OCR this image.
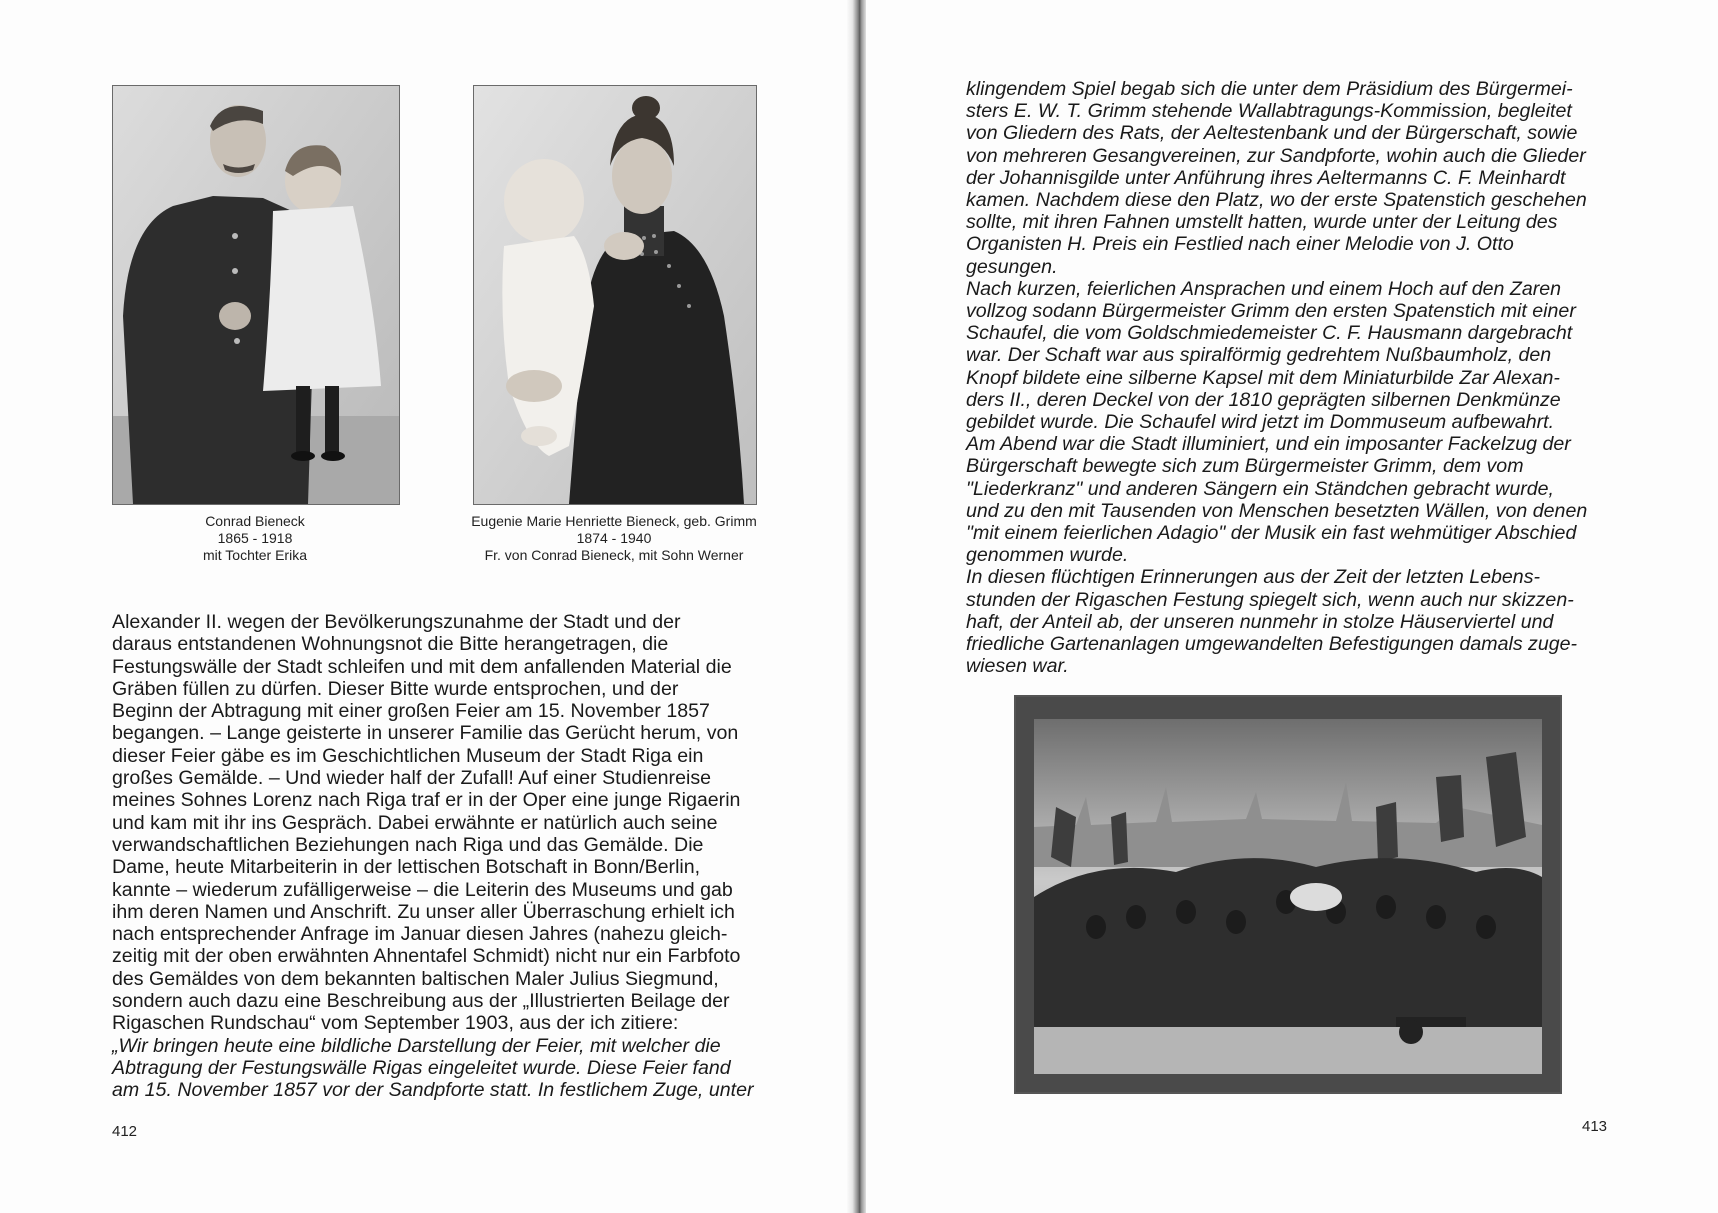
Conrad Bieneck
1865 - 1918
mit Tochter Erika
Eugenie Marie Henriette Bieneck, geb. Grimm
1874 - 1940
Fr. von Conrad Bieneck, mit Sohn Werner

Alexander II. wegen der Bevölkerungszunahme der Stadt und der

daraus entstandenen Wohnungsnot die Bitte herangetragen, die

Festungswälle der Stadt schleifen und mit dem anfallenden Material die

Gräben füllen zu dürfen. Dieser Bitte wurde entsprochen, und der

Beginn der Abtragung mit einer großen Feier am 15. November 1857

begangen. – Lange geisterte in unserer Familie das Gerücht herum, von

dieser Feier gäbe es im Geschichtlichen Museum der Stadt Riga ein

großes Gemälde. – Und wieder half der Zufall! Auf einer Studienreise

meines Sohnes Lorenz nach Riga traf er in der Oper eine junge Rigaerin

und kam mit ihr ins Gespräch. Dabei erwähnte er natürlich auch seine

verwandschaftlichen Beziehungen nach Riga und das Gemälde. Die

Dame, heute Mitarbeiterin in der lettischen Botschaft in Bonn/Berlin,

kannte – wiederum zufälligerweise – die Leiterin des Museums und gab

ihm deren Namen und Anschrift. Zu unser aller Überraschung erhielt ich

nach entsprechender Anfrage im Januar diesen Jahres (nahezu gleich-

zeitig mit der oben erwähnten Ahnentafel Schmidt) nicht nur ein Farbfoto

des Gemäldes von dem bekannten baltischen Maler Julius Siegmund,

sondern auch dazu eine Beschreibung aus der „Illustrierten Beilage der

Rigaschen Rundschau“ vom September 1903, aus der ich zitiere:

„Wir bringen heute eine bildliche Darstellung der Feier, mit welcher die

Abtragung der Festungswälle Rigas eingeleitet wurde. Diese Feier fand

am 15. November 1857 vor der Sandpforte statt. In festlichem Zuge, unter

412

klingendem Spiel begab sich die unter dem Präsidium des Bürgermei-

sters E. W. T. Grimm stehende Wallabtragungs-Kommission, begleitet

von Gliedern des Rats, der Aeltestenbank und der Bürgerschaft, sowie

von mehreren Gesangvereinen, zur Sandpforte, wohin auch die Glieder

der Johannisgilde unter Anführung ihres Aeltermanns C. F. Meinhardt

kamen. Nachdem diese den Platz, wo der erste Spatenstich geschehen

sollte, mit ihren Fahnen umstellt hatten, wurde unter der Leitung des

Organisten H. Preis ein Festlied nach einer Melodie von J. Otto

gesungen.

Nach kurzen, feierlichen Ansprachen und einem Hoch auf den Zaren

vollzog sodann Bürgermeister Grimm den ersten Spatenstich mit einer

Schaufel, die vom Goldschmiedemeister C. F. Hausmann dargebracht

war. Der Schaft war aus spiralförmig gedrehtem Nußbaumholz, den

Knopf bildete eine silberne Kapsel mit dem Miniaturbilde Zar Alexan-

ders II., deren Deckel von der 1810 geprägten silbernen Denkmünze

gebildet wurde. Die Schaufel wird jetzt im Dommuseum aufbewahrt.

Am Abend war die Stadt illuminiert, und ein imposanter Fackelzug der

Bürgerschaft bewegte sich zum Bürgermeister Grimm, dem vom

"Liederkranz" und anderen Sängern ein Ständchen gebracht wurde,

und zu den mit Tausenden von Menschen besetzten Wällen, von denen

"mit einem feierlichen Adagio" der Musik ein fast wehmütiger Abschied

genommen wurde.

In diesen flüchtigen Erinnerungen aus der Zeit der letzten Lebens-

stunden der Rigaschen Festung spiegelt sich, wenn auch nur skizzen-

haft, der Anteil ab, der unseren nunmehr in stolze Häuserviertel und

friedliche Gartenanlagen umgewandelten Befestigungen damals zuge-

wiesen war.

413
